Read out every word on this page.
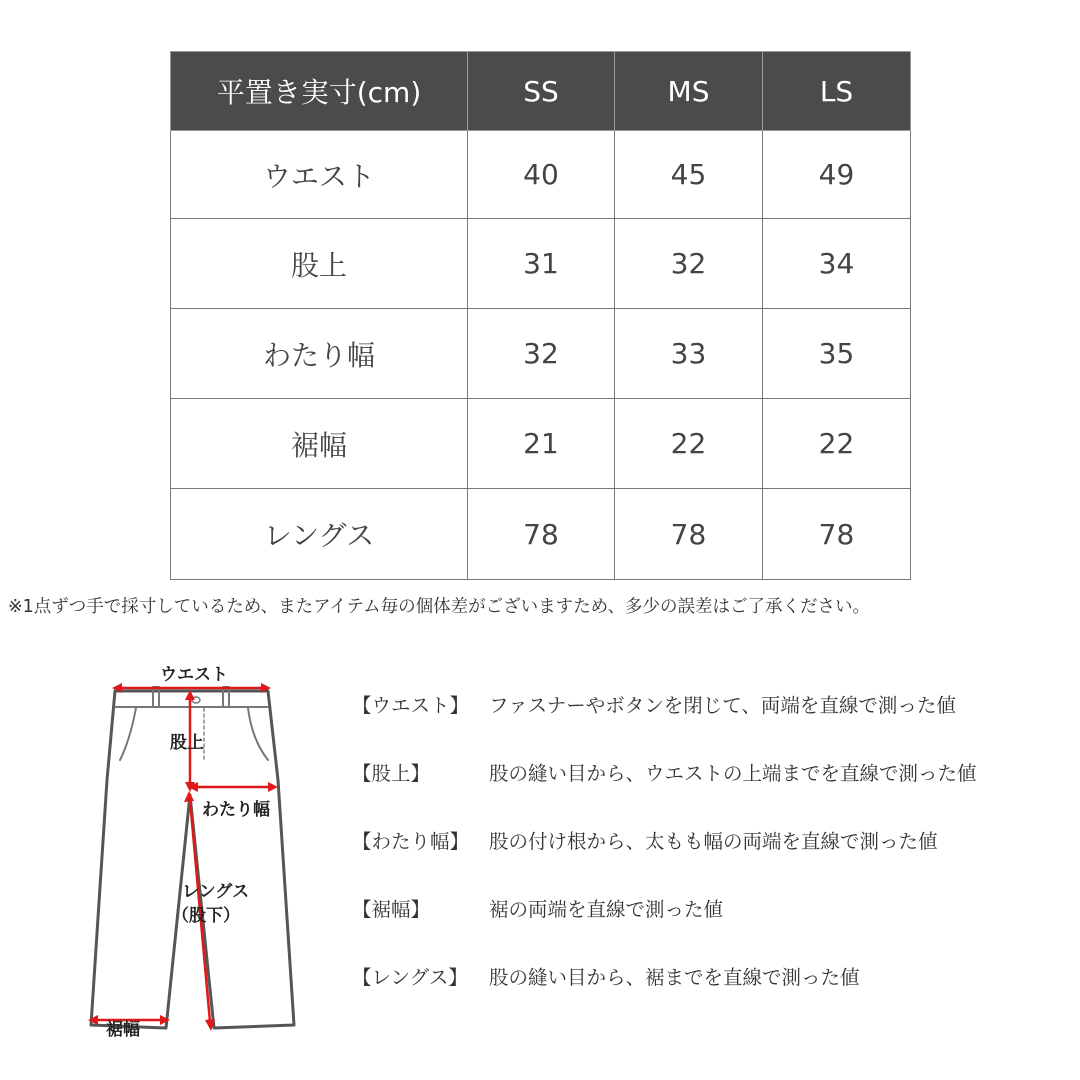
平置き実寸(cm)	SS	MS	LS
ウエスト	40	45	49
股上	31	32	34
わたり幅	32	33	35
裾幅	21	22	22
レングス	78	78	78
※1点ずつ手で採寸しているため、またアイテム毎の個体差がございますため、多少の誤差はご了承ください。
ウエスト
股上
わたり幅
レングス
（股下）
裾幅
【ウエスト】 ファスナーやボタンを閉じて、両端を直線で測った値
【股上】	股の縫い目から、ウエストの上端までを直線で測った値
【わたり幅】 股の付け根から、太もも幅の両端を直線で測った値
【裾幅】	裾の両端を直線で測った値
【レングス】 股の縫い目から、裾までを直線で測った値
